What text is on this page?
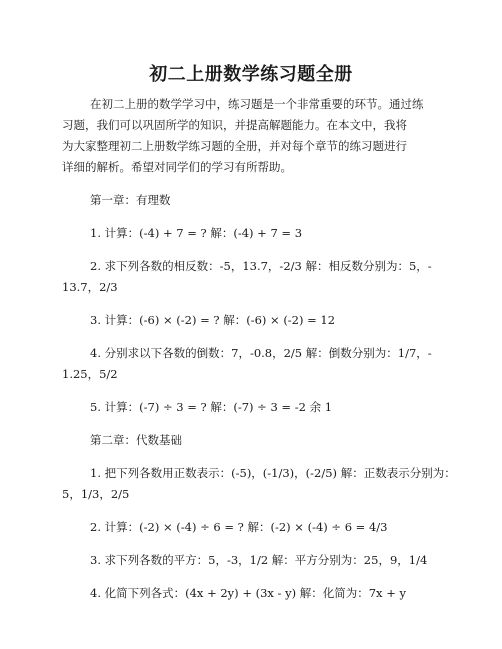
初二上册数学练习题全册
在初二上册的数学学习中，练习题是一个非常重要的环节。通过练
习题，我们可以巩固所学的知识，并提高解题能力。在本文中，我将
为大家整理初二上册数学练习题的全册，并对每个章节的练习题进行
详细的解析。希望对同学们的学习有所帮助。
第一章：有理数
1. 计算：(-4) + 7 = ? 解：(-4) + 7 = 3
2. 求下列各数的相反数：-5，13.7，-2/3 解：相反数分别为：5，-
13.7，2/3
3. 计算：(-6) × (-2) = ? 解：(-6) × (-2) = 12
4. 分别求以下各数的倒数：7，-0.8，2/5 解：倒数分别为：1/7，-
1.25，5/2
5. 计算：(-7) ÷ 3 = ? 解：(-7) ÷ 3 = -2 余 1
第二章：代数基础
1. 把下列各数用正数表示：(-5)，(-1/3)，(-2/5) 解：正数表示分别为：
5，1/3，2/5
2. 计算：(-2) × (-4) ÷ 6 = ? 解：(-2) × (-4) ÷ 6 = 4/3
3. 求下列各数的平方：5，-3，1/2 解：平方分别为：25，9，1/4
4. 化简下列各式：(4x + 2y) + (3x - y) 解：化简为：7x + y
